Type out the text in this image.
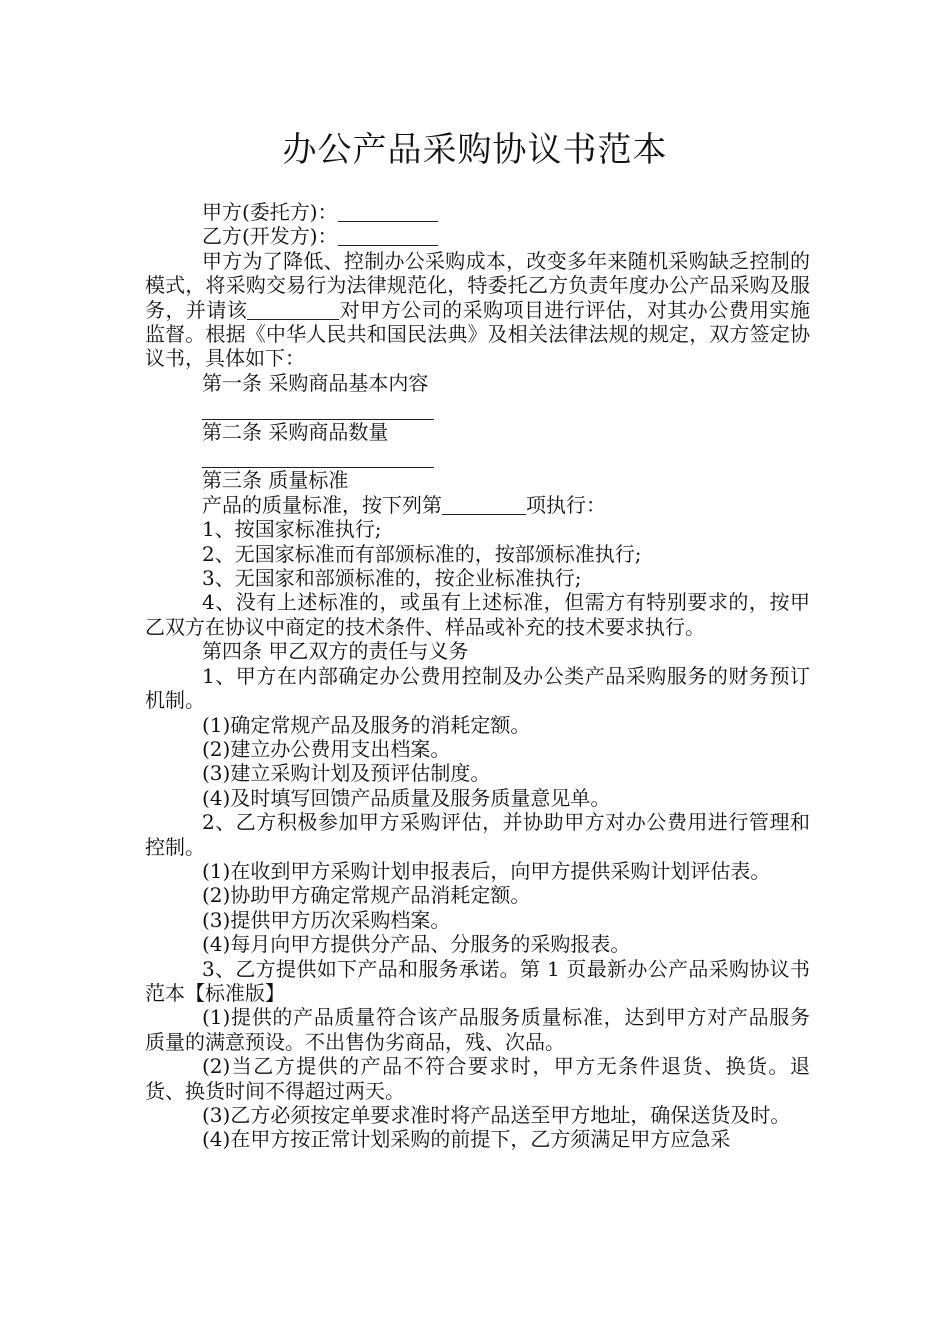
办公产品采购协议书范本

甲方(委托方)：

乙方(开发方)：

甲方为了降低、控制办公采购成本，改变多年来随机采购缺乏控制的模式，将采购交易行为法律规范化，特委托乙方负责年度办公产品采购及服务，并请该	对甲方公司的采购项目进行评估，对其办公费用实施监督。根据《中华人民共和国民法典》及相关法律法规的规定，双方签定协议书，具体如下：

第一条 采购商品基本内容

第二条 采购商品数量

第三条 质量标准

产品的质量标准，按下列第	项执行：

1、按国家标准执行;

2、无国家标准而有部颁标准的，按部颁标准执行;

3、无国家和部颁标准的，按企业标准执行;

4、没有上述标准的，或虽有上述标准，但需方有特别要求的，按甲乙双方在协议中商定的技术条件、样品或补充的技术要求执行。

第四条 甲乙双方的责任与义务

1、甲方在内部确定办公费用控制及办公类产品采购服务的财务预订机制。

(1)确定常规产品及服务的消耗定额。

(2)建立办公费用支出档案。

(3)建立采购计划及预评估制度。

(4)及时填写回馈产品质量及服务质量意见单。

2、乙方积极参加甲方采购评估，并协助甲方对办公费用进行管理和控制。

(1)在收到甲方采购计划申报表后，向甲方提供采购计划评估表。

(2)协助甲方确定常规产品消耗定额。

(3)提供甲方历次采购档案。

(4)每月向甲方提供分产品、分服务的采购报表。

3、乙方提供如下产品和服务承诺。第 1 页最新办公产品采购协议书范本【标准版】

(1)提供的产品质量符合该产品服务质量标准，达到甲方对产品服务质量的满意预设。不出售伪劣商品，残、次品。

(2)当乙方提供的产品不符合要求时，甲方无条件退货、换货。退货、换货时间不得超过两天。

(3)乙方必须按定单要求准时将产品送至甲方地址，确保送货及时。

(4)在甲方按正常计划采购的前提下，乙方须满足甲方应急采
